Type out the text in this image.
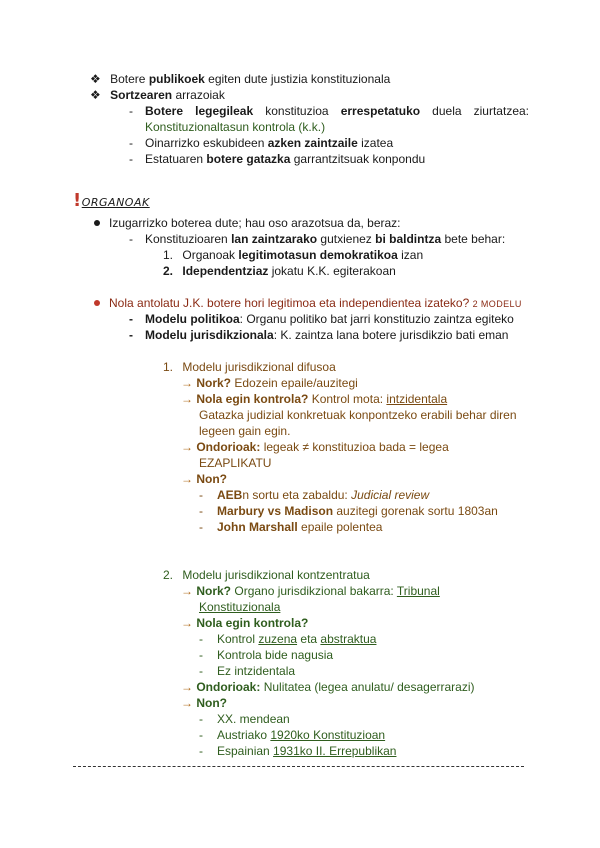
❖ Botere publikoek egiten dute justizia konstituzionala
❖ Sortzearen arrazoiak
- Botere legegileak konstituzioa errespetatuko duela ziurtatzea:
Konstituzionaltasun kontrola (k.k.)
- Oinarrizko eskubideen azken zaintzaile izatea
- Estatuaren botere gatazka garrantzitsuak konpondu
!ORGANOAK
Izugarrizko boterea dute; hau oso arazotsua da, beraz:
- Konstituzioaren lan zaintzarako gutxienez bi baldintza bete behar:
1. Organoak legitimotasun demokratikoa izan
2. Idependentziaz jokatu K.K. egiterakoan
Nola antolatu J.K. botere hori legitimoa eta independientea izateko? 2 MODELU
- Modelu politikoa: Organu politiko bat jarri konstituzio zaintza egiteko
- Modelu jurisdikzionala: K. zaintza lana botere jurisdikzio bati eman
1. Modelu jurisdikzional difusoa
→ Nork? Edozein epaile/auzitegi
→ Nola egin kontrola? Kontrol mota: intzidentala
Gatazka judizial konkretuak konpontzeko erabili behar diren
legeen gain egin.
→ Ondorioak: legeak ≠ konstituzioa bada = legea
EZAPLIKATU
→ Non?
- AEBn sortu eta zabaldu: Judicial review
- Marbury vs Madison auzitegi gorenak sortu 1803an
- John Marshall epaile polentea
2. Modelu jurisdikzional kontzentratua
→ Nork? Organo jurisdikzional bakarra: Tribunal
Konstituzionala
→ Nola egin kontrola?
- Kontrol zuzena eta abstraktua
- Kontrola bide nagusia
- Ez intzidentala
→ Ondorioak: Nulitatea (legea anulatu/ desagerrarazi)
→ Non?
- XX. mendean
- Austriako 1920ko Konstituzioan
- Espainian 1931ko II. Errepublikan
